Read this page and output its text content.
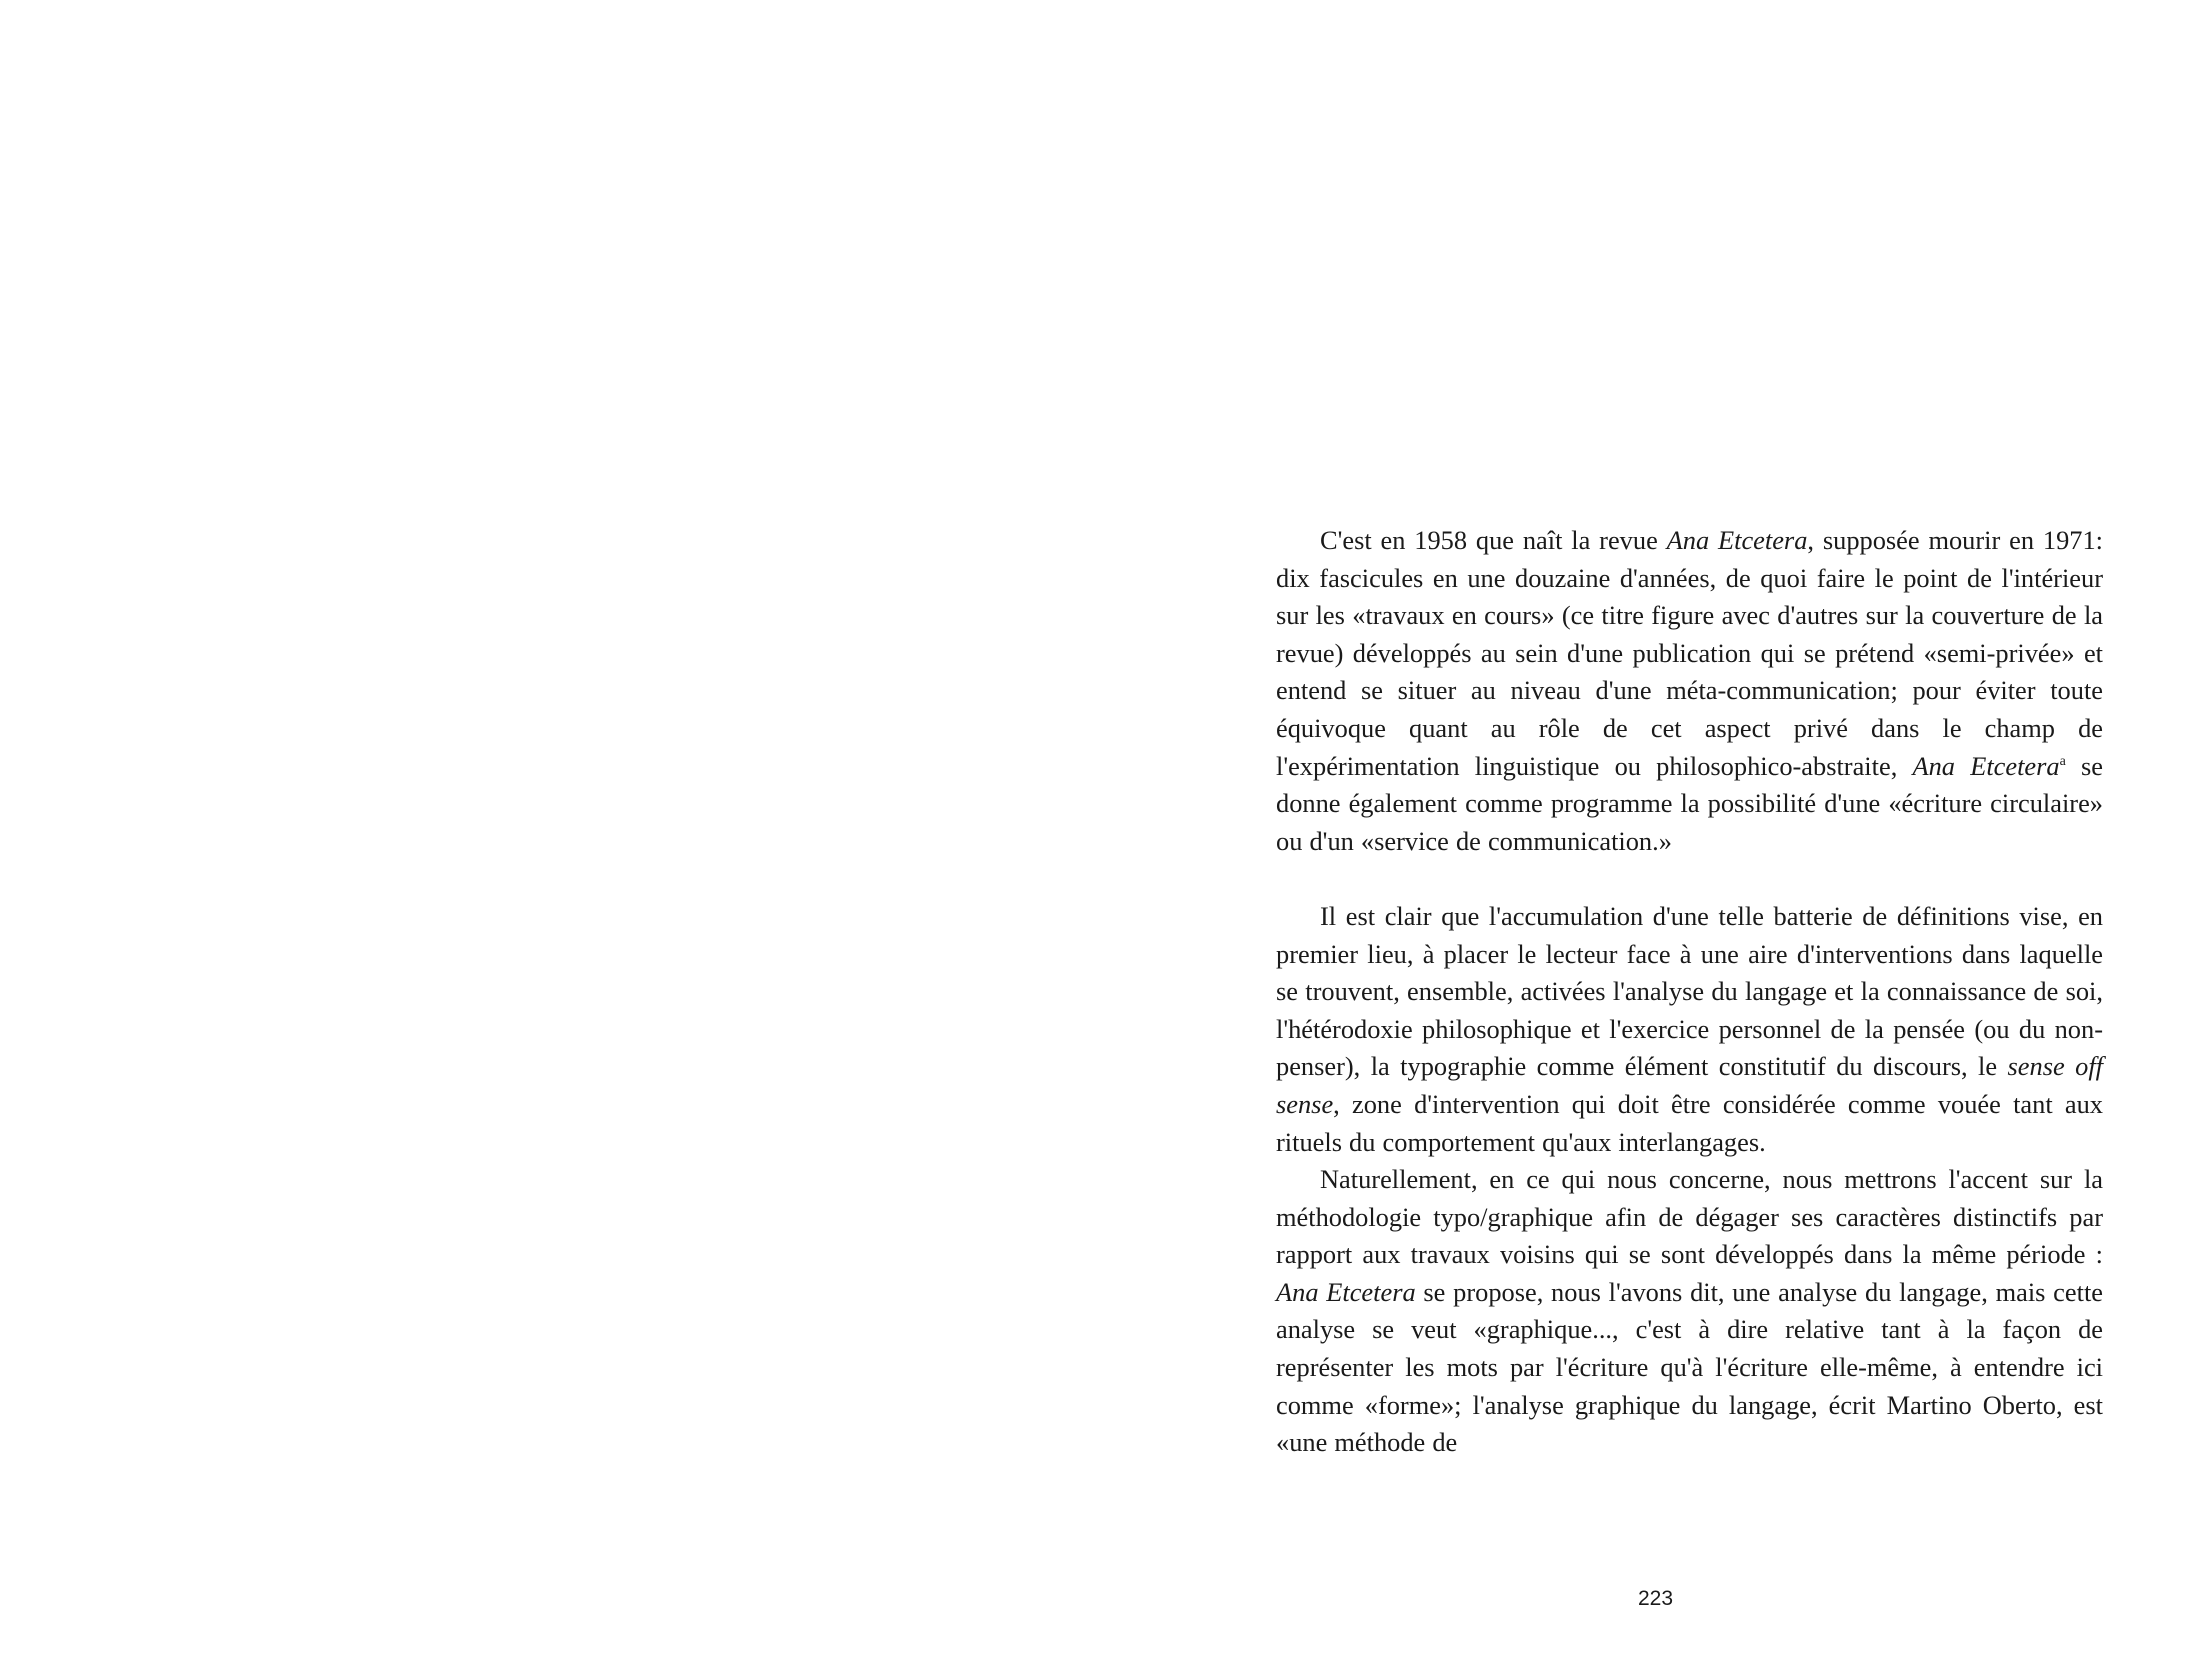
C'est en 1958 que naît la revue Ana Etcetera, supposée mourir en 1971: dix fascicules en une douzaine d'années, de quoi faire le point de l'intérieur sur les «travaux en cours» (ce titre figure avec d'autres sur la couverture de la revue) développés au sein d'une publication qui se prétend «semi-privée» et entend se situer au niveau d'une méta-communication; pour éviter toute équivoque quant au rôle de cet aspect privé dans le champ de l'expérimentation linguistique ou philosophico-abstraite, Ana Etcetera$^a$ se donne également comme programme la possibilité d'une «écriture circulaire» ou d'un «service de communication.»

Il est clair que l'accumulation d'une telle batterie de définitions vise, en premier lieu, à placer le lecteur face à une aire d'interventions dans laquelle se trouvent, ensemble, activées l'analyse du langage et la connaissance de soi, l'hétérodoxie philosophique et l'exercice personnel de la pensée (ou du non-penser), la typographie comme élément constitutif du discours, le sense off sense, zone d'intervention qui doit être considérée comme vouée tant aux rituels du comportement qu'aux interlangages.

Naturellement, en ce qui nous concerne, nous mettrons l'accent sur la méthodologie typo/graphique afin de dégager ses caractères distinctifs par rapport aux travaux voisins qui se sont développés dans la même période : Ana Etcetera se propose, nous l'avons dit, une analyse du langage, mais cette analyse se veut «graphique..., c'est à dire relative tant à la façon de représenter les mots par l'écriture qu'à l'écriture elle-même, à entendre ici comme «forme»; l'analyse graphique du langage, écrit Martino Oberto, est «une méthode de

223
